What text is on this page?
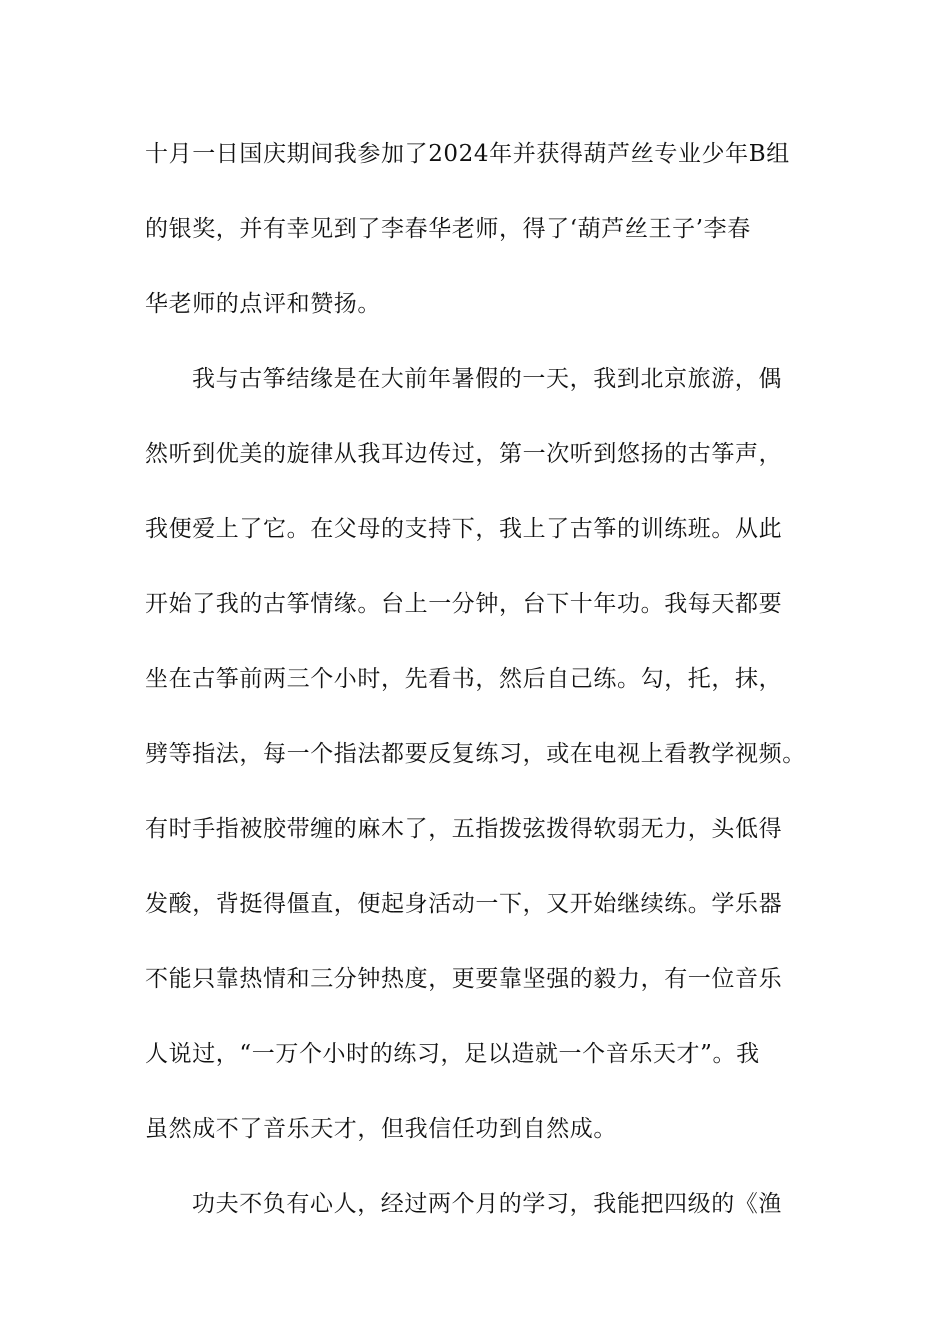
十月一日国庆期间我参加了2024年并获得葫芦丝专业少年B组
的银奖，并有幸见到了李春华老师，得了‘葫芦丝王子’李春
华老师的点评和赞扬。
我与古筝结缘是在大前年暑假的一天，我到北京旅游，偶
然听到优美的旋律从我耳边传过，第一次听到悠扬的古筝声，
我便爱上了它。在父母的支持下，我上了古筝的训练班。从此
开始了我的古筝情缘。台上一分钟，台下十年功。我每天都要
坐在古筝前两三个小时，先看书，然后自己练。勾，托，抹，
劈等指法，每一个指法都要反复练习，或在电视上看教学视频。
有时手指被胶带缠的麻木了，五指拨弦拨得软弱无力，头低得
发酸，背挺得僵直，便起身活动一下，又开始继续练。学乐器
不能只靠热情和三分钟热度，更要靠坚强的毅力，有一位音乐
人说过，“一万个小时的练习，足以造就一个音乐天才”。我
虽然成不了音乐天才，但我信任功到自然成。
功夫不负有心人，经过两个月的学习，我能把四级的《渔
